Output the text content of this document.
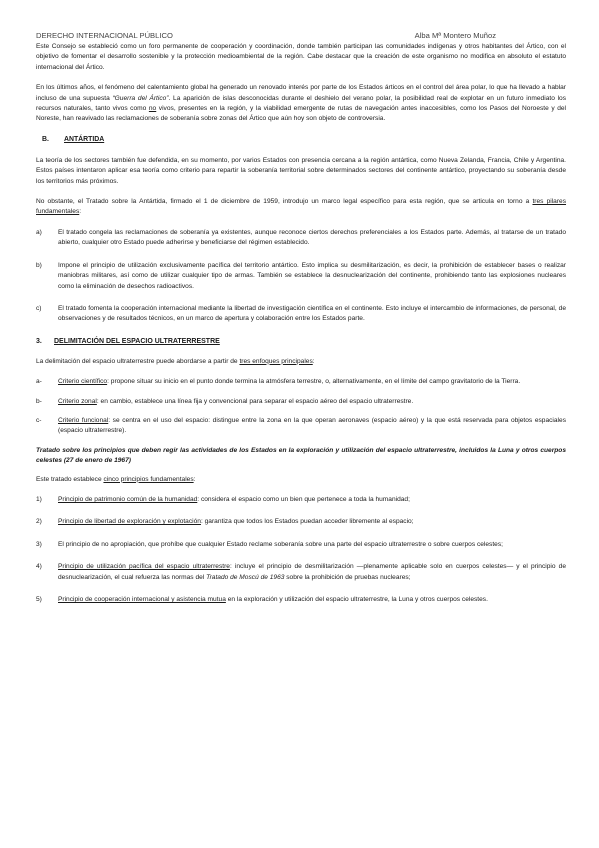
DERECHO INTERNACIONAL PÚBLICO	Alba Mª Montero Muñoz

Este Consejo se estableció como un foro permanente de cooperación y coordinación, donde también participan las comunidades indígenas y otros habitantes del Ártico, con el objetivo de fomentar el desarrollo sostenible y la protección medioambiental de la región. Cabe destacar que la creación de este organismo no modifica en absoluto el estatuto internacional del Ártico.

En los últimos años, el fenómeno del calentamiento global ha generado un renovado interés por parte de los Estados árticos en el control del área polar, lo que ha llevado a hablar incluso de una supuesta “Guerra del Ártico”. La aparición de islas desconocidas durante el deshielo del verano polar, la posibilidad real de explotar en un futuro inmediato los recursos naturales, tanto vivos como no vivos, presentes en la región, y la viabilidad emergente de rutas de navegación antes inaccesibles, como los Pasos del Noroeste y del Noreste, han reavivado las reclamaciones de soberanía sobre zonas del Ártico que aún hoy son objeto de controversia.

B. ANTÁRTIDA

La teoría de los sectores también fue defendida, en su momento, por varios Estados con presencia cercana a la región antártica, como Nueva Zelanda, Francia, Chile y Argentina. Estos países intentaron aplicar esa teoría como criterio para repartir la soberanía territorial sobre determinados sectores del continente antártico, proyectando su soberanía desde los territorios más próximos.

No obstante, el Tratado sobre la Antártida, firmado el 1 de diciembre de 1959, introdujo un marco legal específico para esta región, que se articula en torno a tres pilares fundamentales:

a)	El tratado congela las reclamaciones de soberanía ya existentes, aunque reconoce ciertos derechos preferenciales a los Estados parte. Además, al tratarse de un tratado abierto, cualquier otro Estado puede adherirse y beneficiarse del régimen establecido.

b)	Impone el principio de utilización exclusivamente pacífica del territorio antártico. Esto implica su desmilitarización, es decir, la prohibición de establecer bases o realizar maniobras militares, así como de utilizar cualquier tipo de armas. También se establece la desnuclearización del continente, prohibiendo tanto las explosiones nucleares como la eliminación de desechos radioactivos.

c)	El tratado fomenta la cooperación internacional mediante la libertad de investigación científica en el continente. Esto incluye el intercambio de informaciones, de personal, de observaciones y de resultados técnicos, en un marco de apertura y colaboración entre los Estados parte.

3. DELIMITACIÓN DEL ESPACIO ULTRATERRESTRE

La delimitación del espacio ultraterrestre puede abordarse a partir de tres enfoques principales:

a-	Criterio científico: propone situar su inicio en el punto donde termina la atmósfera terrestre, o, alternativamente, en el límite del campo gravitatorio de la Tierra.

b-	Criterio zonal: en cambio, establece una línea fija y convencional para separar el espacio aéreo del espacio ultraterrestre.

c-	Criterio funcional: se centra en el uso del espacio: distingue entre la zona en la que operan aeronaves (espacio aéreo) y la que está reservada para objetos espaciales (espacio ultraterrestre).

Tratado sobre los principios que deben regir las actividades de los Estados en la exploración y utilización del espacio ultraterrestre, incluidos la Luna y otros cuerpos celestes (27 de enero de 1967)

Este tratado establece cinco principios fundamentales:

1)	Principio de patrimonio común de la humanidad: considera el espacio como un bien que pertenece a toda la humanidad;

2)	Principio de libertad de exploración y explotación: garantiza que todos los Estados puedan acceder libremente al espacio;

3)	El principio de no apropiación, que prohíbe que cualquier Estado reclame soberanía sobre una parte del espacio ultraterrestre o sobre cuerpos celestes;

4)	Principio de utilización pacífica del espacio ultraterrestre: incluye el principio de desmilitarización —plenamente aplicable solo en cuerpos celestes— y el principio de desnuclearización, el cual refuerza las normas del Tratado de Moscú de 1963 sobre la prohibición de pruebas nucleares;

5)	Principio de cooperación internacional y asistencia mutua en la exploración y utilización del espacio ultraterrestre, la Luna y otros cuerpos celestes.
